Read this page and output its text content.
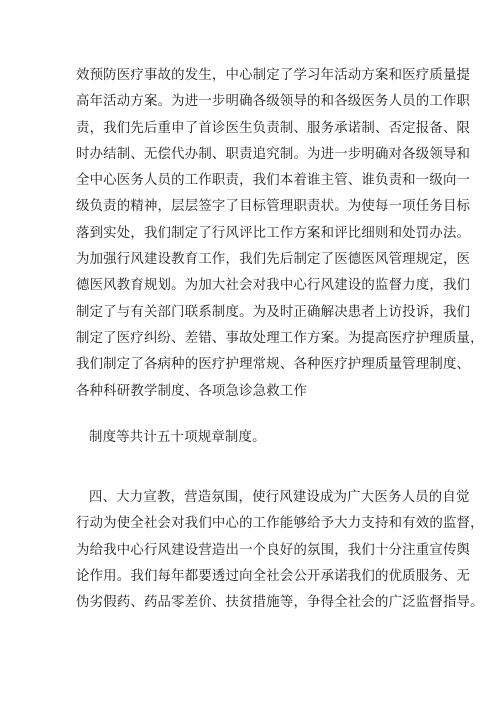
效预防医疗事故的发生，中心制定了学习年活动方案和医疗质量提
高年活动方案。为进一步明确各级领导的和各级医务人员的工作职
责，我们先后重申了首诊医生负责制、服务承诺制、否定报备、限
时办结制、无偿代办制、职责追究制。为进一步明确对各级领导和
全中心医务人员的工作职责，我们本着谁主管、谁负责和一级向一
级负责的精神，层层签字了目标管理职责状。为使每一项任务目标
落到实处，我们制定了行风评比工作方案和评比细则和处罚办法。
为加强行风建设教育工作，我们先后制定了医德医风管理规定，医
德医风教育规划。为加大社会对我中心行风建设的监督力度，我们
制定了与有关部门联系制度。为及时正确解决患者上访投诉，我们
制定了医疗纠纷、差错、事故处理工作方案。为提高医疗护理质量，
我们制定了各病种的医疗护理常规、各种医疗护理质量管理制度、
各种科研教学制度、各项急诊急救工作
制度等共计五十项规章制度。
四、大力宣教，营造氛围，使行风建设成为广大医务人员的自觉
行动为使全社会对我们中心的工作能够给予大力支持和有效的监督，
为给我中心行风建设营造出一个良好的氛围，我们十分注重宣传舆
论作用。我们每年都要透过向全社会公开承诺我们的优质服务、无
伪劣假药、药品零差价、扶贫措施等，争得全社会的广泛监督指导。
